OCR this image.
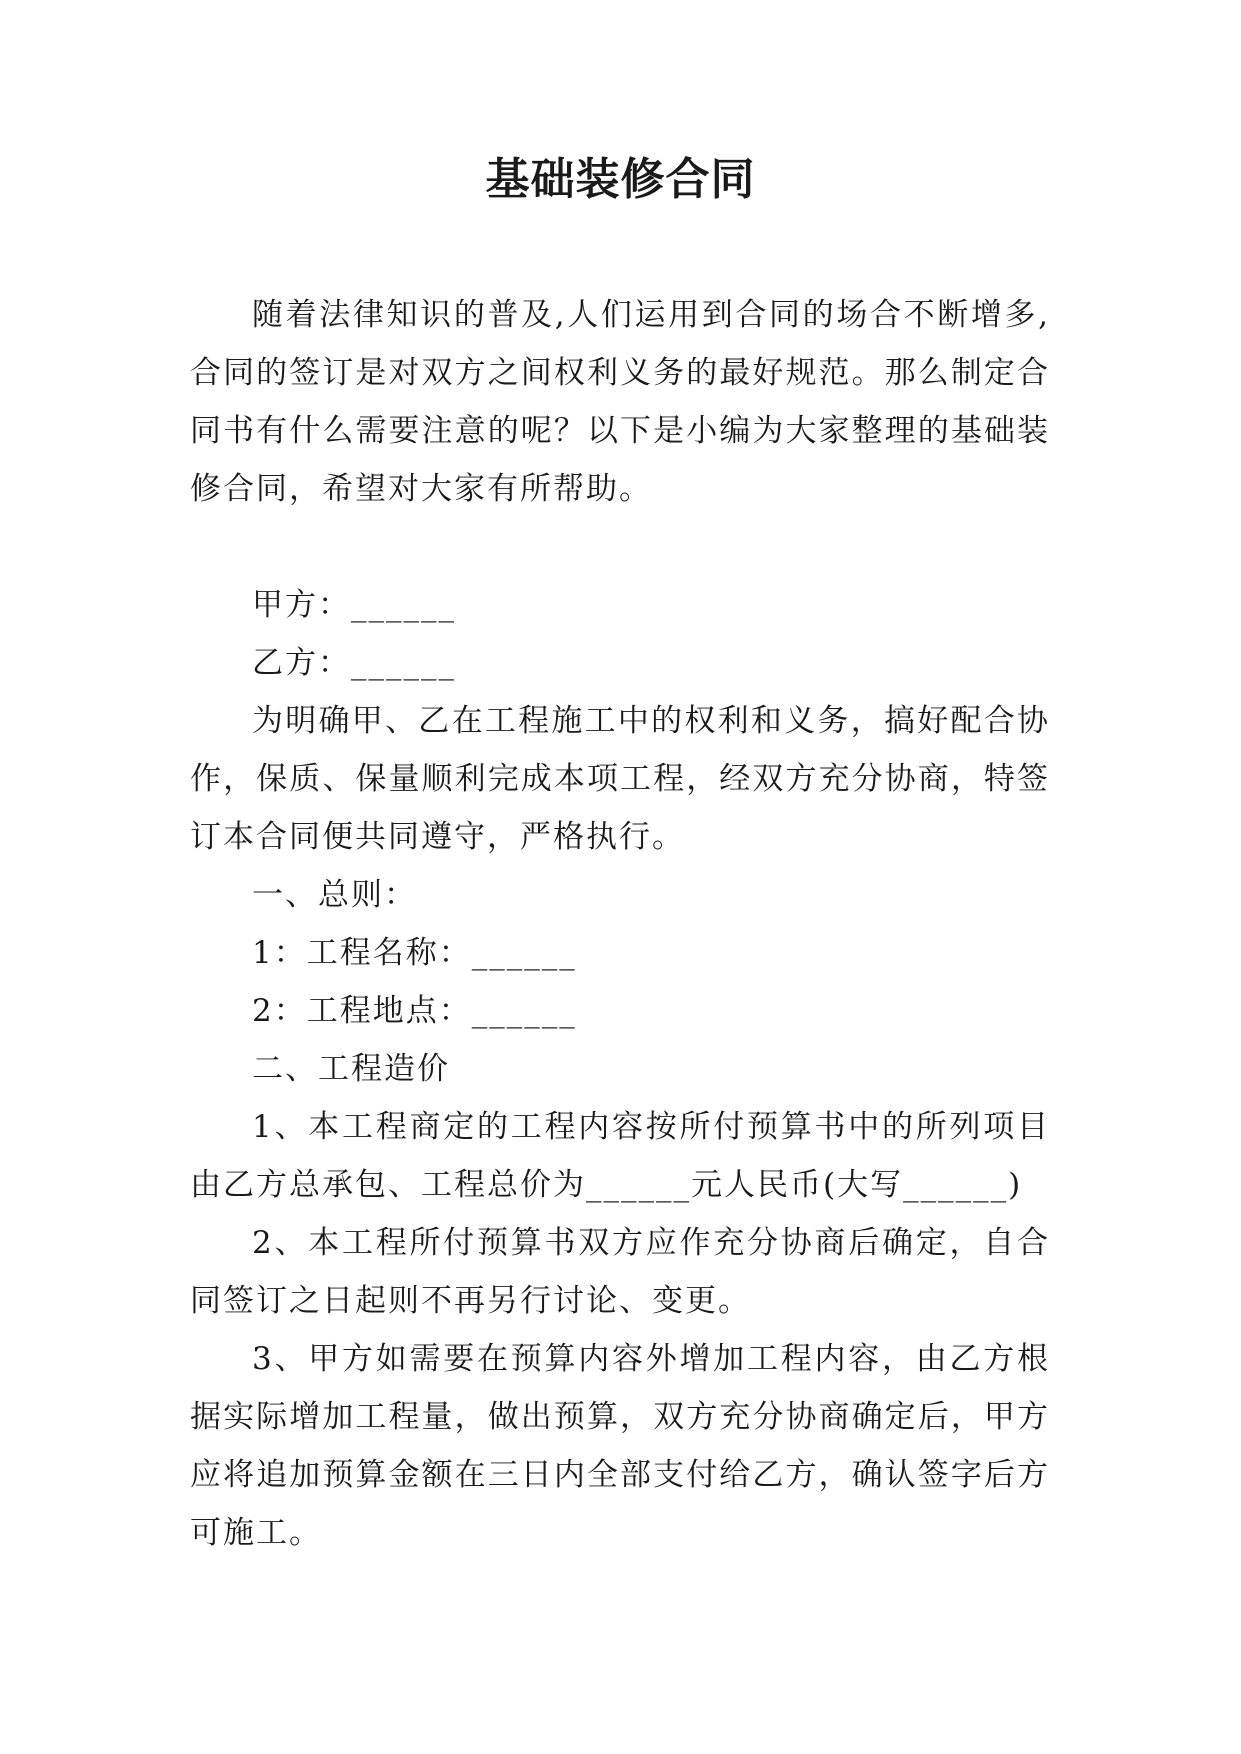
基础装修合同

随着法律知识的普及,人们运用到合同的场合不断增多,合同的签订是对双方之间权利义务的最好规范。那么制定合同书有什么需要注意的呢？以下是小编为大家整理的基础装修合同，希望对大家有所帮助。

甲方：______

乙方：______

为明确甲、乙在工程施工中的权利和义务，搞好配合协作，保质、保量顺利完成本项工程，经双方充分协商，特签订本合同便共同遵守，严格执行。

一、总则：

1：工程名称：______

2：工程地点：______

二、工程造价

1、本工程商定的工程内容按所付预算书中的所列项目由乙方总承包、工程总价为______元人民币(大写______)

2、本工程所付预算书双方应作充分协商后确定，自合同签订之日起则不再另行讨论、变更。

3、甲方如需要在预算内容外增加工程内容，由乙方根据实际增加工程量，做出预算，双方充分协商确定后，甲方应将追加预算金额在三日内全部支付给乙方，确认签字后方可施工。
